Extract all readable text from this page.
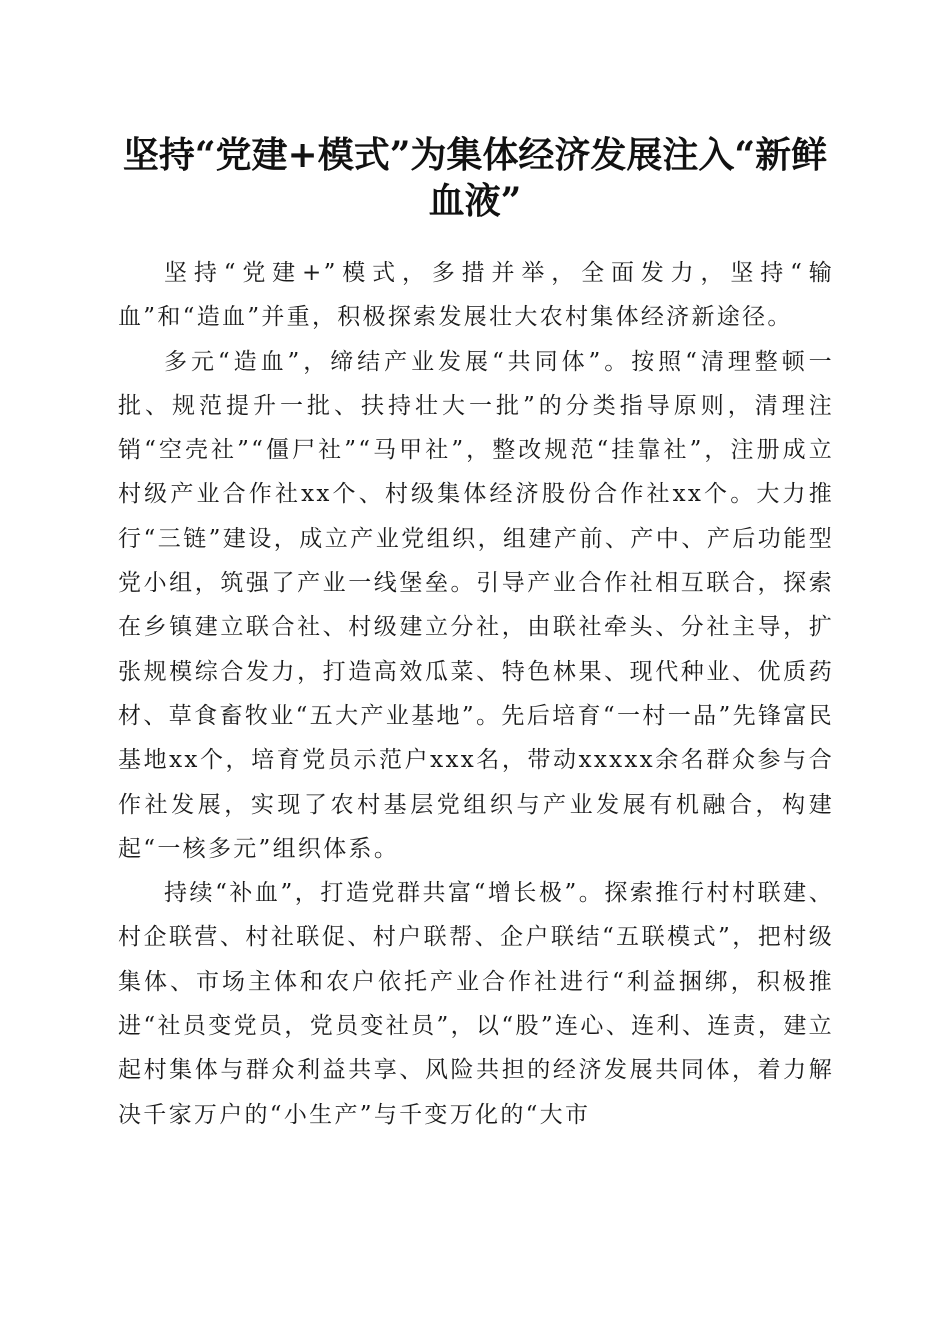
坚持“党建+模式”为集体经济发展注入“新鲜血液”

坚持“党建+”模式，多措并举，全面发力，坚持“输血”和“造血”并重，积极探索发展壮大农村集体经济新途径。

多元“造血”，缔结产业发展“共同体”。按照“清理整顿一批、规范提升一批、扶持壮大一批”的分类指导原则，清理注销“空壳社”“僵尸社”“马甲社”，整改规范“挂靠社”，注册成立村级产业合作社xx个、村级集体经济股份合作社xx个。大力推行“三链”建设，成立产业党组织，组建产前、产中、产后功能型党小组，筑强了产业一线堡垒。引导产业合作社相互联合，探索在乡镇建立联合社、村级建立分社，由联社牵头、分社主导，扩张规模综合发力，打造高效瓜菜、特色林果、现代种业、优质药材、草食畜牧业“五大产业基地”。先后培育“一村一品”先锋富民基地xx个，培育党员示范户xxx名，带动xxxxx余名群众参与合作社发展，实现了农村基层党组织与产业发展有机融合，构建起“一核多元”组织体系。

持续“补血”，打造党群共富“增长极”。探索推行村村联建、村企联营、村社联促、村户联帮、企户联结“五联模式”，把村级集体、市场主体和农户依托产业合作社进行“利益捆绑，积极推进“社员变党员，党员变社员”，以“股”连心、连利、连责，建立起村集体与群众利益共享、风险共担的经济发展共同体，着力解决千家万户的“小生产”与千变万化的“大市
